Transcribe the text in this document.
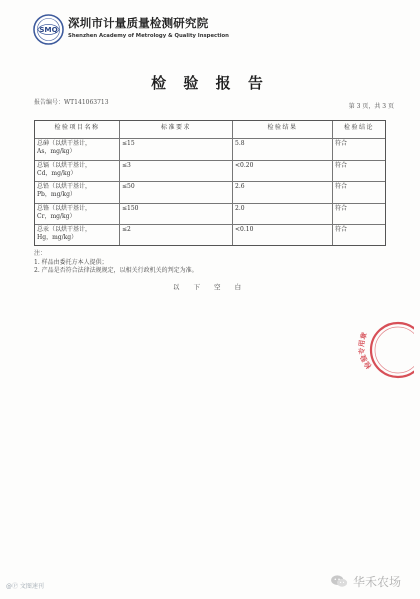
SMQ 深圳市计量质量检测研究院
Shenzhen Academy of Metrology & Quality Inspection
检 验 报 告
报告编号：WT141063713
第 3 页，共 3 页
检验项目名称	标准要求	检验结果	检验结论
总砷（以烘干基计，
As，mg/kg）
≤15	5.8	符合
总镉（以烘干基计，
Cd，mg/kg）
≤3	<0.20	符合
总铅（以烘干基计，
Pb，mg/kg）
≤50	2.6	符合
总铬（以烘干基计，
Cr，mg/kg）
≤150	2.0	符合
总汞（以烘干基计，
Hg，mg/kg）
≤2	<0.10	符合
注：
1. 样品由委托方本人提供；
2. 产品是否符合法律法规规定，以相关行政机关的判定为准。
以 下 空 白
检验专用章
@Ⓟ 文图速刊	华禾农场
